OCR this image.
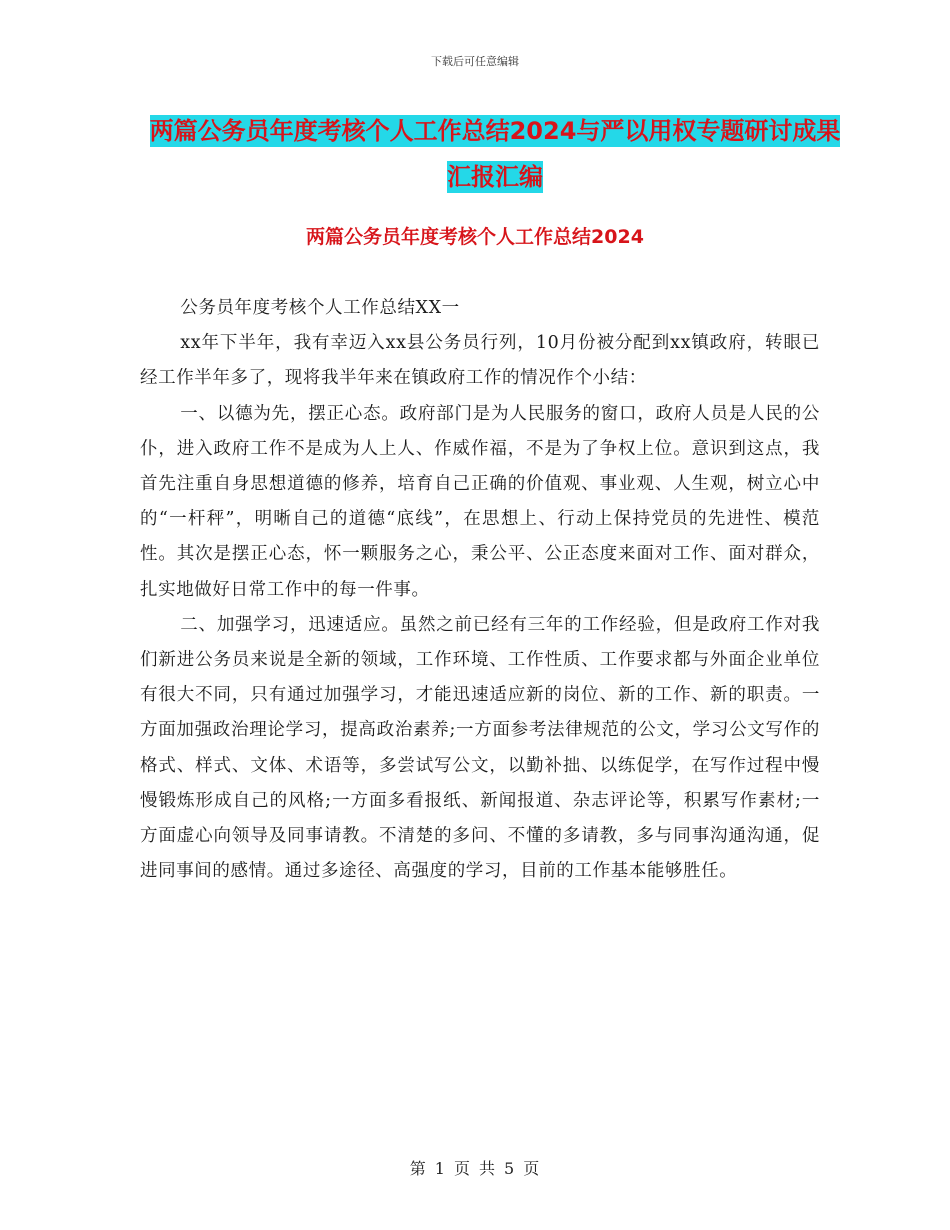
下载后可任意编辑
两篇公务员年度考核个人工作总结2024与严以用权专题研讨成果汇报汇编
两篇公务员年度考核个人工作总结2024

公务员年度考核个人工作总结XX一

xx年下半年，我有幸迈入xx县公务员行列，10月份被分配到xx镇政府，转眼已经工作半年多了，现将我半年来在镇政府工作的情况作个小结：

一、以德为先，摆正心态。政府部门是为人民服务的窗口，政府人员是人民的公仆，进入政府工作不是成为人上人、作威作福，不是为了争权上位。意识到这点，我首先注重自身思想道德的修养，培育自己正确的价值观、事业观、人生观，树立心中的“一杆秤”，明晰自己的道德“底线”，在思想上、行动上保持党员的先进性、模范性。其次是摆正心态，怀一颗服务之心，秉公平、公正态度来面对工作、面对群众，扎实地做好日常工作中的每一件事。

二、加强学习，迅速适应。虽然之前已经有三年的工作经验，但是政府工作对我们新进公务员来说是全新的领域，工作环境、工作性质、工作要求都与外面企业单位有很大不同，只有通过加强学习，才能迅速适应新的岗位、新的工作、新的职责。一方面加强政治理论学习，提高政治素养;一方面参考法律规范的公文，学习公文写作的格式、样式、文体、术语等，多尝试写公文，以勤补拙、以练促学，在写作过程中慢慢锻炼形成自己的风格;一方面多看报纸、新闻报道、杂志评论等，积累写作素材;一方面虚心向领导及同事请教。不清楚的多问、不懂的多请教，多与同事沟通沟通，促进同事间的感情。通过多途径、高强度的学习，目前的工作基本能够胜任。

第 1 页 共 5 页
